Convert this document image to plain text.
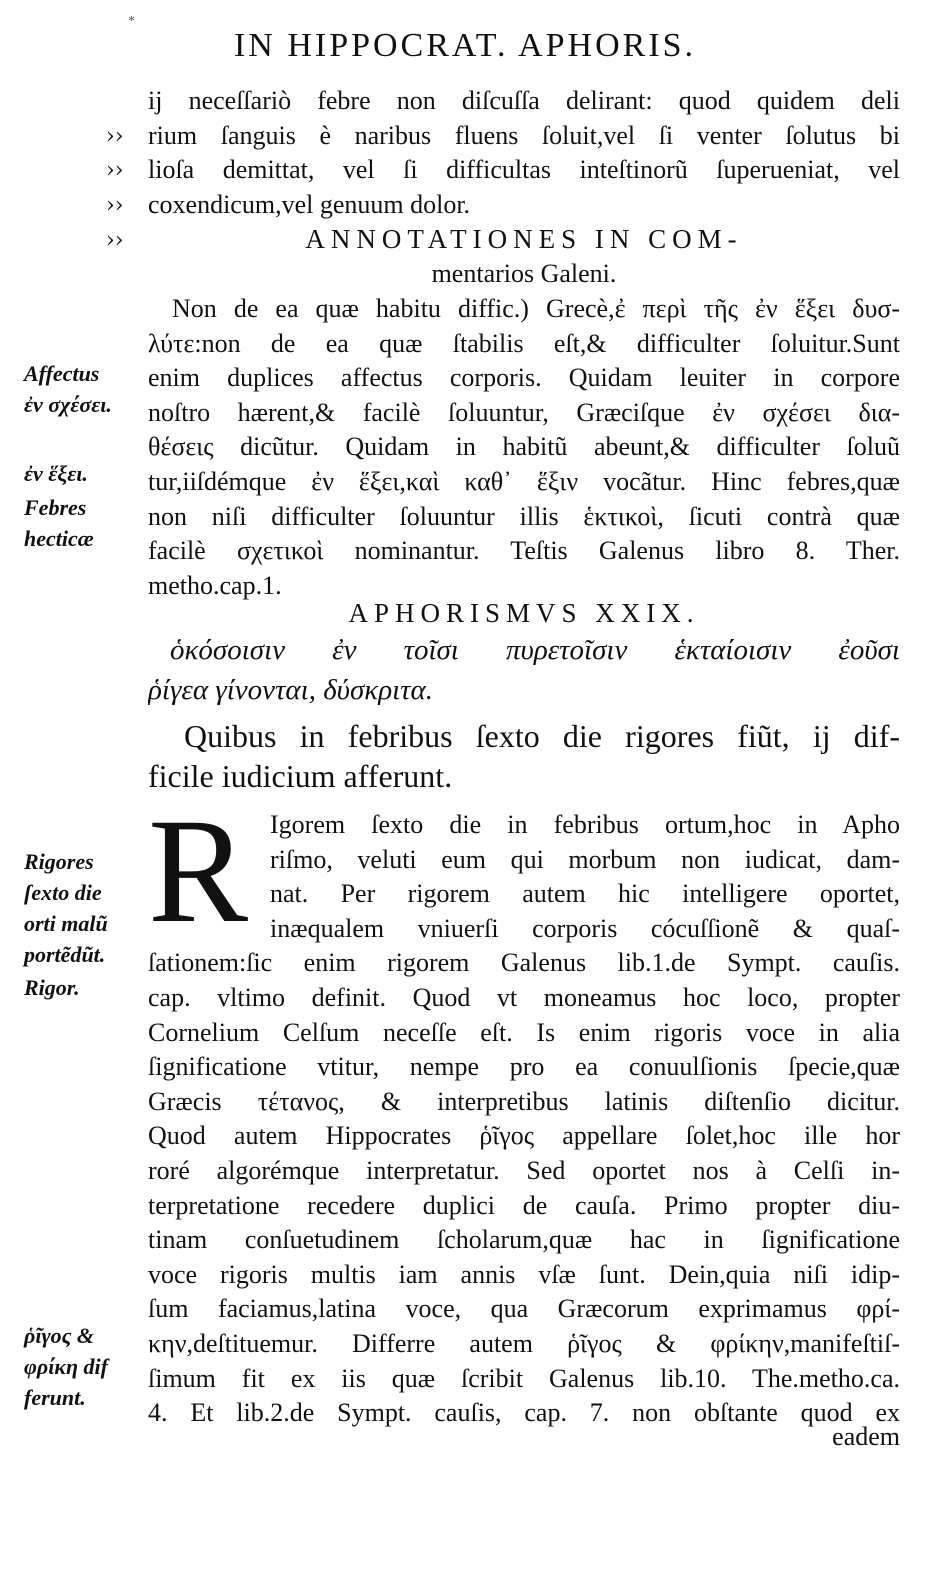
*
IN HIPPOCRAT. APHORIS.
››
››
››
››
ij neceſſariò febre non diſcuſſa delirant: quod quidem deli
rium ſanguis è naribus fluens ſoluit,vel ſi venter ſolutus bi
lioſa demittat, vel ſi difficultas inteſtinorũ ſuperueniat, vel
coxendicum,vel genuum dolor.
ANNOTATIONES IN COM-
mentarios Galeni.
Non de ea quæ habitu diffic.) Grecè,ἐ περὶ τῆς ἐν ἕξει δυσ-
λύτε:non de ea quæ ſtabilis eſt,& difficulter ſoluitur.Sunt
enim duplices affectus corporis. Quidam leuiter in corpore
noſtro hærent,& facilè ſoluuntur, Græciſque ἐν σχέσει δια-
θέσεις dicũtur. Quidam in habitũ abeunt,& difficulter ſoluũ
tur,iiſdémque ἐν ἕξει,καὶ καθ᾽ ἕξιν vocãtur. Hinc febres,quæ
non niſi difficulter ſoluuntur illis ἑκτικοὶ, ſicuti contrà quæ
facilè σχετικοὶ nominantur. Teſtis Galenus libro 8. Ther.
metho.cap.1.
APHORISMVS XXIX.
ὁκόσοισιν ἐν τοῖσι πυρετοῖσιν ἑκταίοισιν ἐοῦσι
ῥίγεα γίνονται, δύσκριτα.
Quibus in febribus ſexto die rigores fiũt, ij dif-
ficile iudicium afferunt.
R Igorem ſexto die in febribus ortum,hoc in Apho
riſmo, veluti eum qui morbum non iudicat, dam-
nat. Per rigorem autem hic intelligere oportet,
inæqualem vniuerſi corporis cócuſſionẽ & quaſ-
ſationem:ſic enim rigorem Galenus lib.1.de Sympt. cauſis.
cap. vltimo definit. Quod vt moneamus hoc loco, propter
Cornelium Celſum neceſſe eſt. Is enim rigoris voce in alia
ſignificatione vtitur, nempe pro ea conuulſionis ſpecie,quæ
Græcis τέτανος, & interpretibus latinis diſtenſio dicitur.
Quod autem Hippocrates ῥῖγος appellare ſolet,hoc ille hor
roré algorémque interpretatur. Sed oportet nos à Celſi in-
terpretatione recedere duplici de cauſa. Primo propter diu-
tinam conſuetudinem ſcholarum,quæ hac in ſignificatione
voce rigoris multis iam annis vſæ ſunt. Dein,quia niſi idip-
ſum faciamus,latina voce, qua Græcorum exprimamus φρί-
κην,deſtituemur. Differre autem ῥῖγος & φρίκην,manifeſtiſ-
ſimum fit ex iis quæ ſcribit Galenus lib.10. The.metho.ca.
4. Et lib.2.de Sympt. cauſis, cap. 7. non obſtante quod ex
eadem
Affectus
ἐν σχέσει.
ἐν ἕξει.
Febres
hecticæ
Rigores
ſexto die
orti malũ
portẽdũt.
Rigor.
ῥῖγος &
φρίκη dif
ferunt.
